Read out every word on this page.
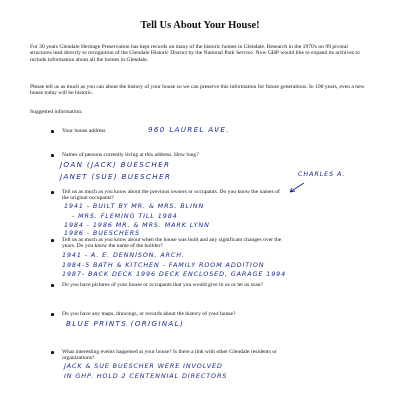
Tell Us About Your House!
For 30 years Glendale Heritage Preservation has kept records on many of the historic homes in Glendale. Research in the 1970's on 99 pivotal structures lead directly to recognition of the Glendale Historic District by the National Park Service. Now GHP would like to expand its archives to include information about all the homes in Glendale.
Please tell us as much as you can about the history of your house so we can preserve this information for future generations. In 100 years, even a new house today will be historic.
Suggested information:
Your house address	960 LAUREL AVE.
Names of persons currently living at this address. How long?
JOAN (JACK) BUESCHER
JANET (SUE) BUESCHER
Tell us as much as you know about the previous owners or occupants. Do you know the names of
the original occupants?
CHARLES A.
1941 - BUILT BY MR. & MRS. BLINN
- MRS. FLEMING TILL 1984
1984 - 1986 MR. & MRS. MARK LYNN
1986 - BUESCHERS
Tell us as much as you know about when the house was built and any significant changes over the
years. Do you know the name of the builder?
1941 - A. E. DENNISON, ARCH.
1984-5 BATH & KITCHEN - FAMILY ROOM ADDITION
1987- BACK DECK 1996 DECK ENCLOSED, GARAGE 1994
Do you have pictures of your house or occupants that you would give to us or let us scan?
Do you have any maps, drawings, or records about the history of your house?
BLUE PRINTS (ORIGINAL)
What interesting events happened at your house? Is there a link with other Glendale residents or
organizations?
JACK & SUE BUESCHER WERE INVOLVED
IN GHP. HOLD 2 CENTENNIAL DIRECTORS
